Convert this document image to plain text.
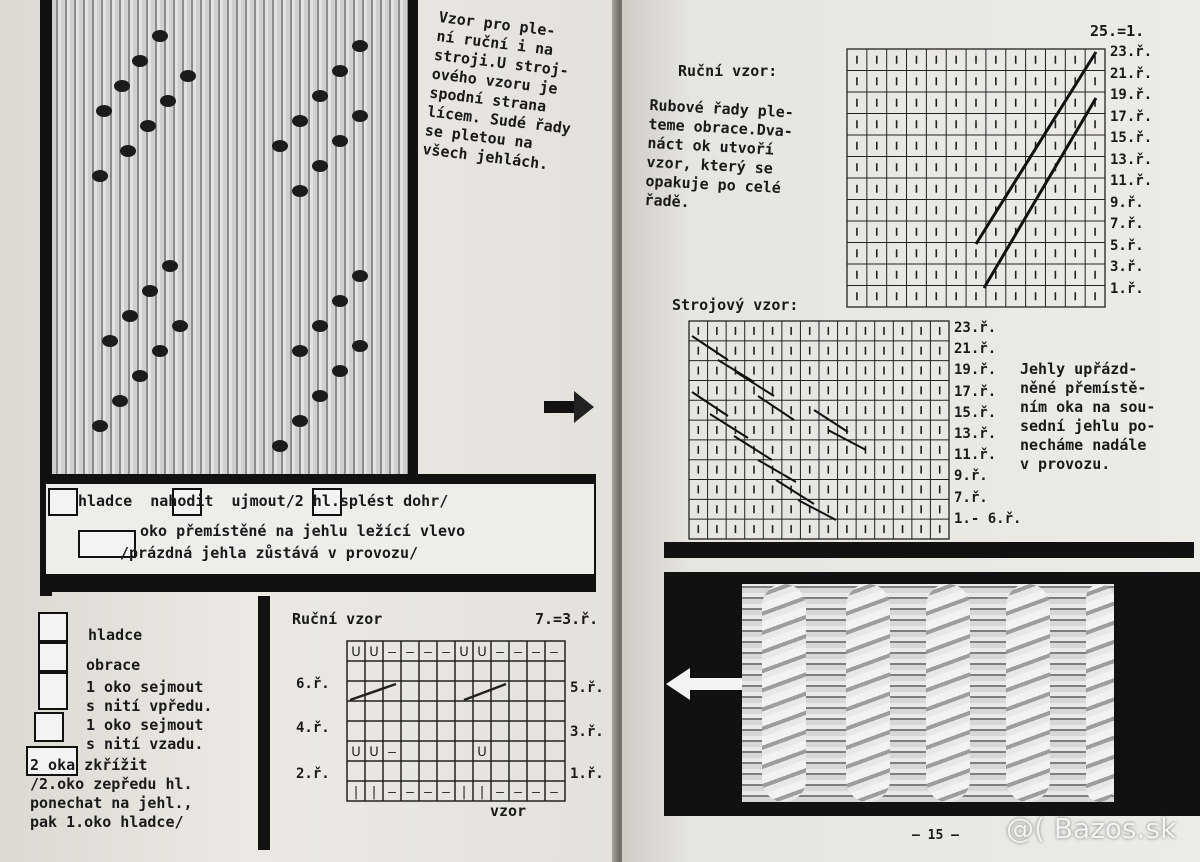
Vzor pro ple-
ní ruční i na
stroji.U stroj-
ového vzoru je
spodní strana
lícem. Sudé řady
se pletou na
všech jehlách.
hladce  nahodit  ujmout/2 hl.splést dohr/
oko přemístěné na jehlu ležící vlevo
/prázdná jehla zůstává v provozu/
hladce
obrace
1 oko sejmout
s nití vpředu.
1 oko sejmout
s nití vzadu.
2 oka zkřížit
/2.oko zepředu hl.
ponechat na jehl.,
pak 1.oko hladce/
Ruční vzor	7.=3.ř.
ᑌ ᑌ – – – – ᑌ ᑌ – – – –
ᑌ ᑌ –	ᑌ
| | – – – – | | – – – –
6.ř.
4.ř.
2.ř.
5.ř.
3.ř.
1.ř.
vzor
Ruční vzor:
Rubové řady ple-
teme obrace.Dva-
náct ok utvoří
vzor, který se
opakuje po celé
řadě.
25.=1.
23.ř.
21.ř.
19.ř.
17.ř.
15.ř.
13.ř.
11.ř.
9.ř.
7.ř.
5.ř.
3.ř.
1.ř.
Strojový vzor:
23.ř.
21.ř.
19.ř.
17.ř.
15.ř.
13.ř.
11.ř.
9.ř.
7.ř.
1.- 6.ř.
Jehly upřázd-
něné přemístě-
ním oka na sou-
sední jehlu po-
necháme nadále
v provozu.
– 15 – @( Bazos.sk
